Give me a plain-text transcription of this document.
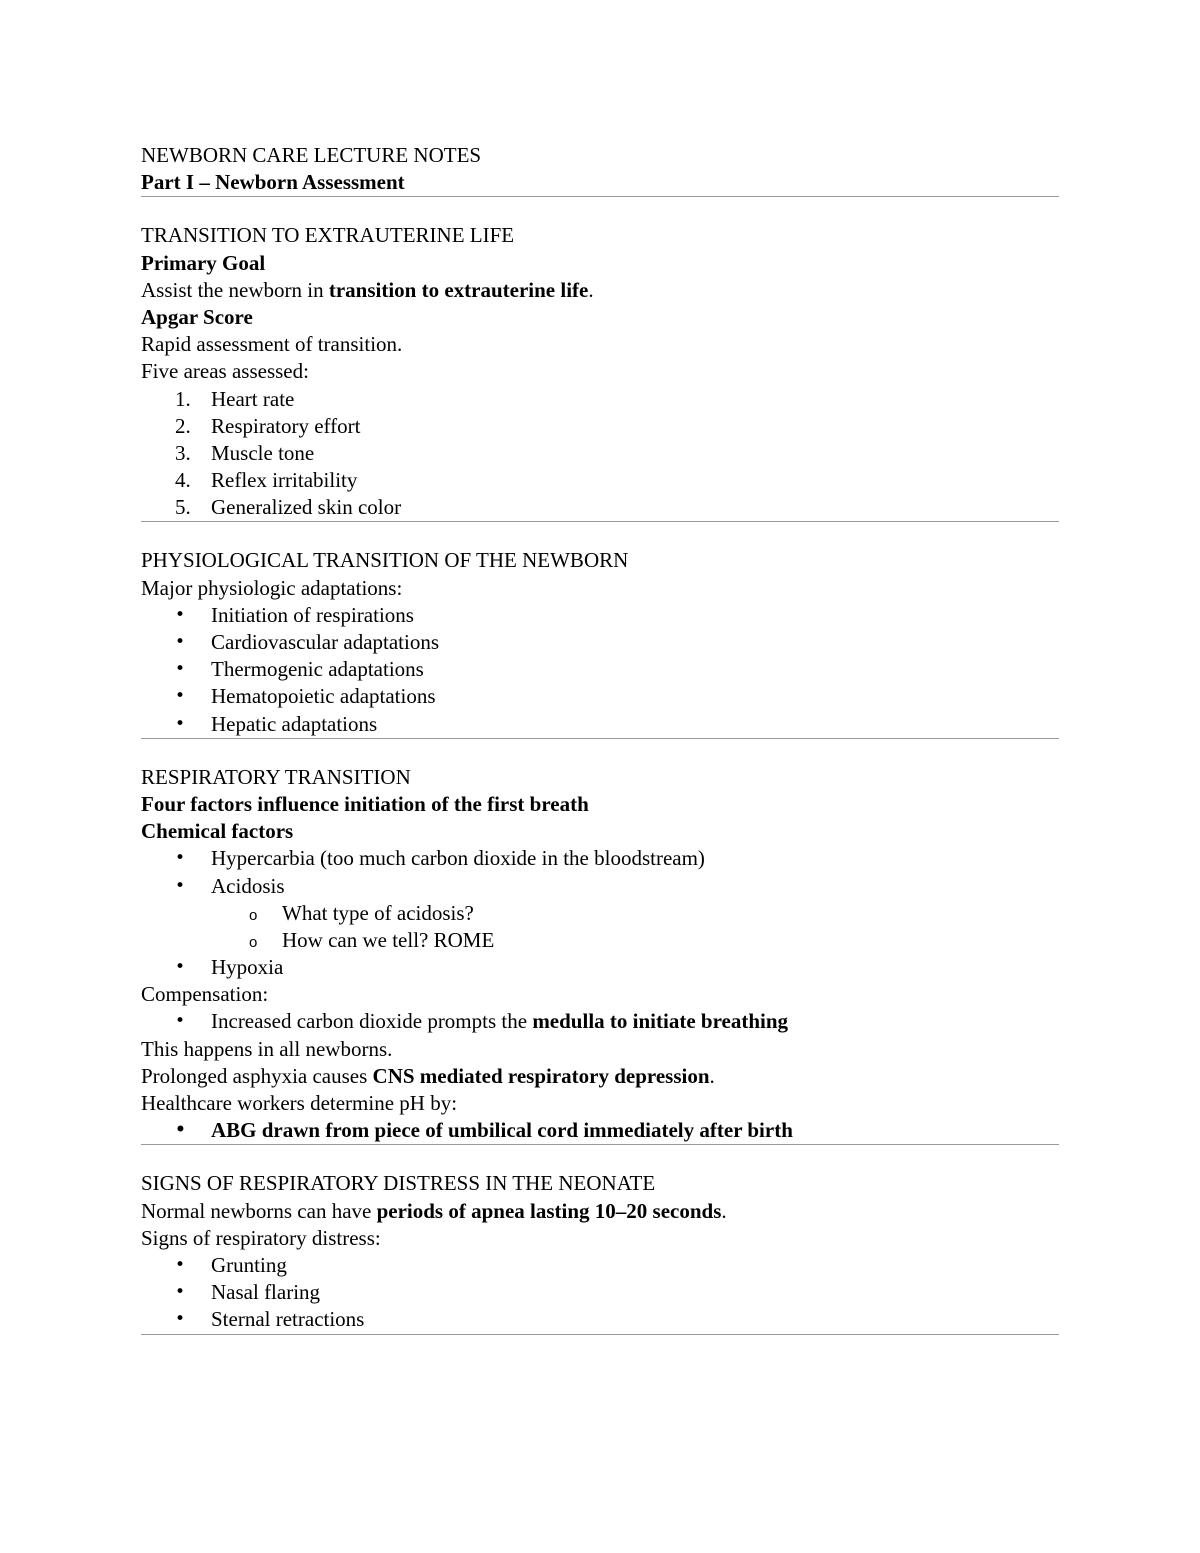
NEWBORN CARE LECTURE NOTES
Part I – Newborn Assessment
TRANSITION TO EXTRAUTERINE LIFE
Primary Goal
Assist the newborn in transition to extrauterine life.
Apgar Score
Rapid assessment of transition.
Five areas assessed:
1. Heart rate
2. Respiratory effort
3. Muscle tone
4. Reflex irritability
5. Generalized skin color
PHYSIOLOGICAL TRANSITION OF THE NEWBORN
Major physiologic adaptations:
• Initiation of respirations
• Cardiovascular adaptations
• Thermogenic adaptations
• Hematopoietic adaptations
• Hepatic adaptations
RESPIRATORY TRANSITION
Four factors influence initiation of the first breath
Chemical factors
• Hypercarbia (too much carbon dioxide in the bloodstream)
• Acidosis
o What type of acidosis?
o How can we tell? ROME
• Hypoxia
Compensation:
• Increased carbon dioxide prompts the medulla to initiate breathing
This happens in all newborns.
Prolonged asphyxia causes CNS mediated respiratory depression.
Healthcare workers determine pH by:
• ABG drawn from piece of umbilical cord immediately after birth
SIGNS OF RESPIRATORY DISTRESS IN THE NEONATE
Normal newborns can have periods of apnea lasting 10–20 seconds.
Signs of respiratory distress:
• Grunting
• Nasal flaring
• Sternal retractions
